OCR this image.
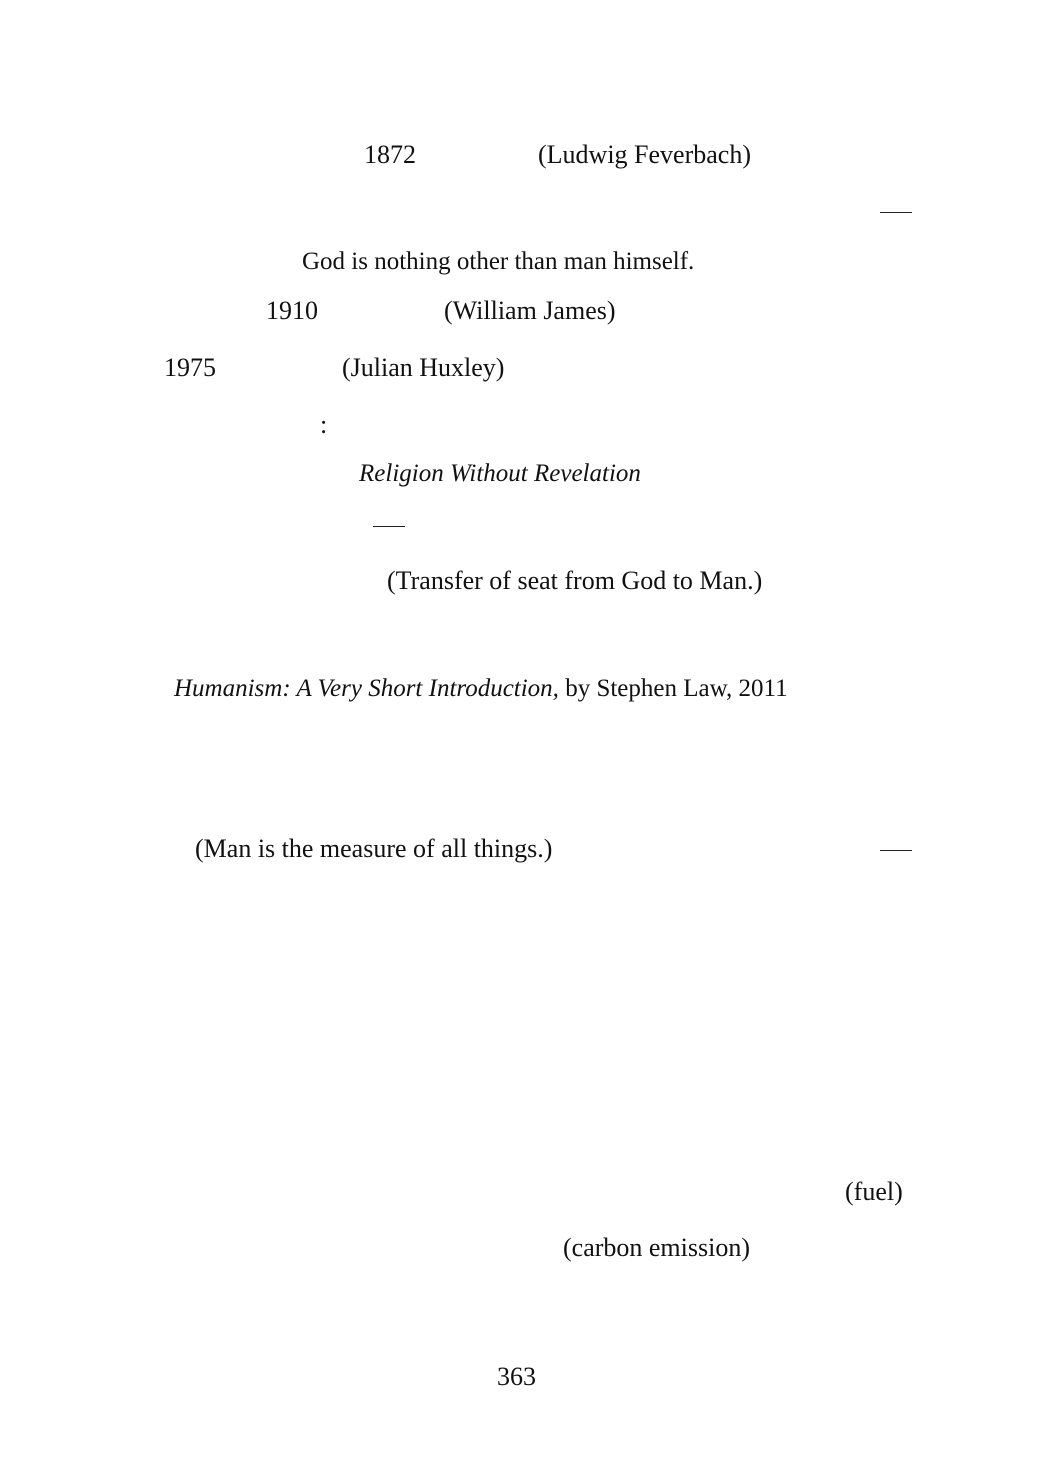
1872	(Ludwig Feverbach)
God is nothing other than man himself.
1910	(William James)
1975	(Julian Huxley)
:
Religion Without Revelation
(Transfer of seat from God to Man.)
Humanism: A Very Short Introduction, by Stephen Law, 2011
(Man is the measure of all things.)
(fuel)
(carbon emission)
363
